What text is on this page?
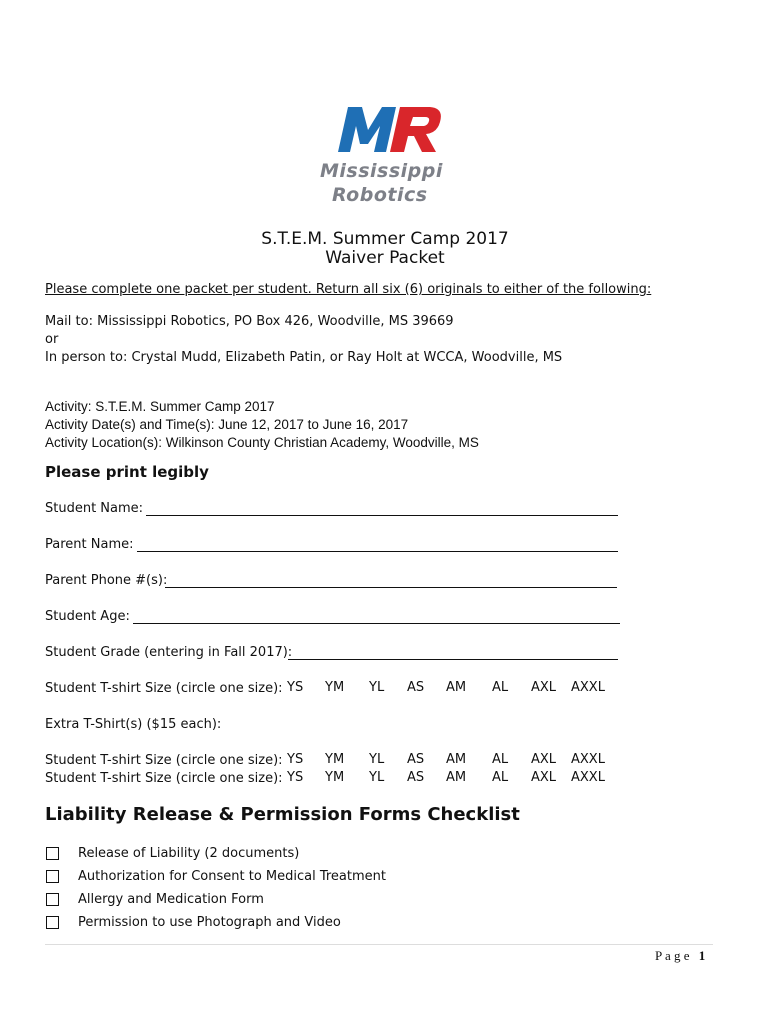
Mississippi
Robotics
S.T.E.M. Summer Camp 2017
Waiver Packet
Please complete one packet per student. Return all six (6) originals to either of the following:
Mail to: Mississippi Robotics, PO Box 426, Woodville, MS 39669
or
In person to: Crystal Mudd, Elizabeth Patin, or Ray Holt at WCCA, Woodville, MS
Activity: S.T.E.M. Summer Camp 2017
Activity Date(s) and Time(s): June 12, 2017 to June 16, 2017
Activity Location(s): Wilkinson County Christian Academy, Woodville, MS
Please print legibly
Student Name:
Parent Name:
Parent Phone #(s):
Student Age:
Student Grade (entering in Fall 2017):
Student T-shirt Size (circle one size): YS YM YL AS AM AL AXL AXXL
Extra T-Shirt(s) ($15 each):
Student T-shirt Size (circle one size): YS YM YL AS AM AL AXL AXXL
Student T-shirt Size (circle one size): YS YM YL AS AM AL AXL AXXL
Liability Release & Permission Forms Checklist
Release of Liability (2 documents)
Authorization for Consent to Medical Treatment
Allergy and Medication Form
Permission to use Photograph and Video
P a g e 1
